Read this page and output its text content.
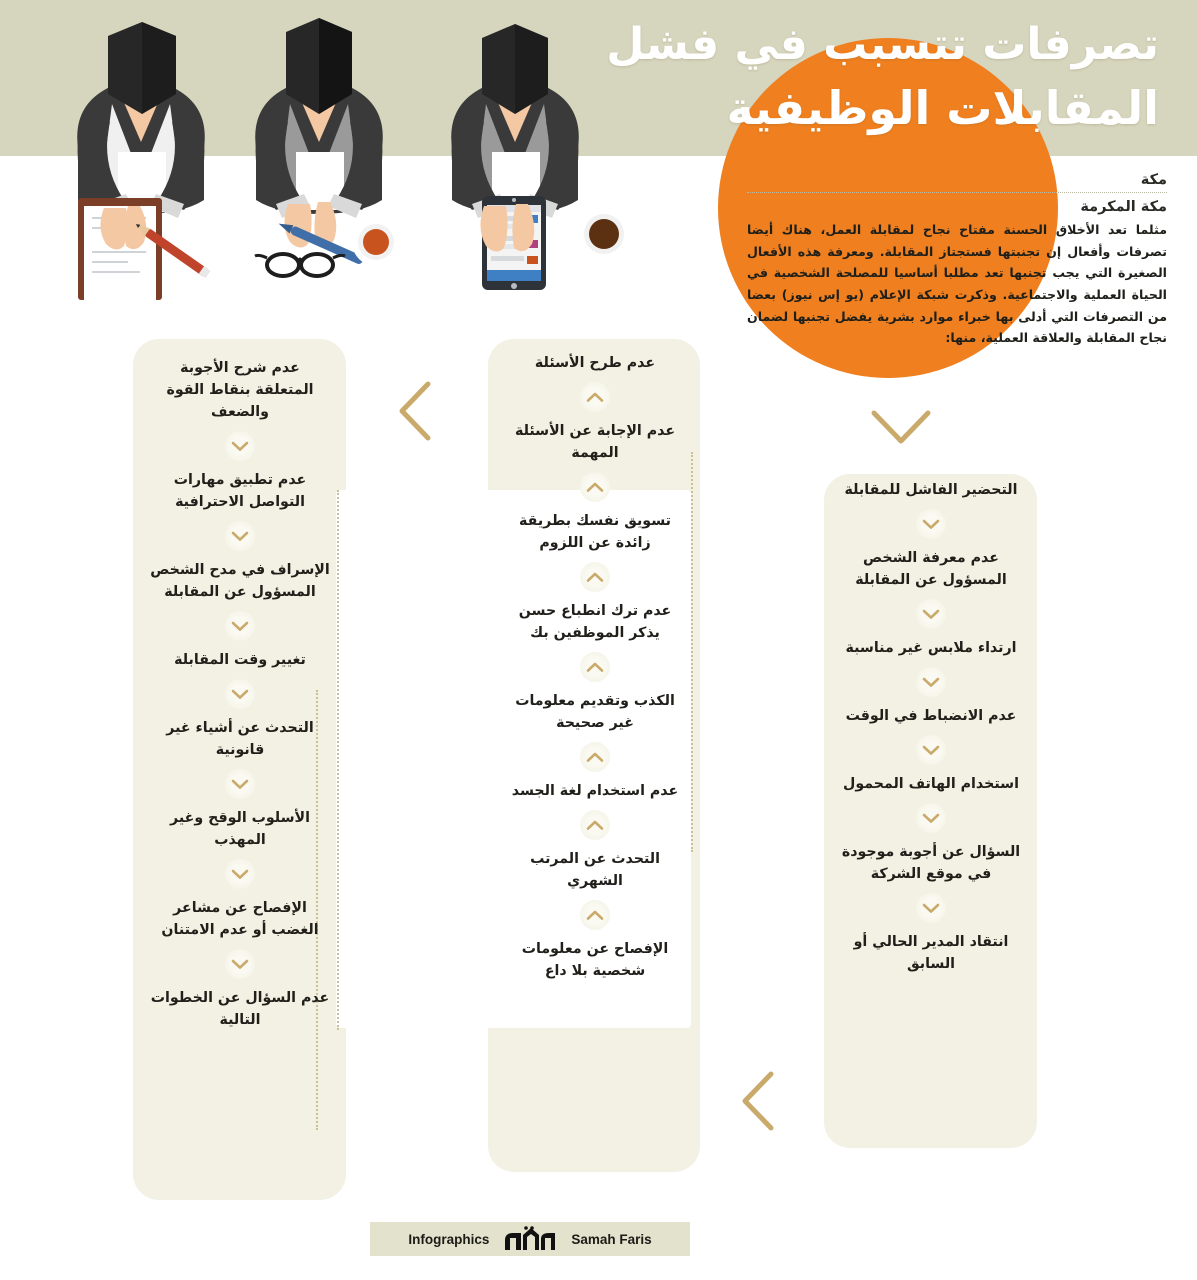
تصرفات تتسبب في فشل
المقابلات الوظيفية
مكة
مكة المكرمة
مثلما تعد الأخلاق الحسنة مفتاح نجاح لمقابلة العمل، هناك أيضا تصرفات وأفعال إن تجنبتها فستجتاز المقابلة. ومعرفة هذه الأفعال الصغيرة التي يجب تجنبها تعد مطلبا أساسيا للمصلحة الشخصية في الحياة العملية والاجتماعية. وذكرت شبكة الإعلام (يو إس نيوز) بعضا من التصرفات التي أدلى بها خبراء موارد بشرية يفضل تجنبها لضمان نجاح المقابلة والعلاقة العملية، منها:
عدم شرح الأجوبة المتعلقة بنقاط القوة والضعف
عدم تطبيق مهارات التواصل الاحترافية
الإسراف في مدح الشخص المسؤول عن المقابلة
تغيير وقت المقابلة
التحدث عن أشياء غير قانونية
الأسلوب الوقح وغير المهذب
الإفصاح عن مشاعر الغضب أو عدم الامتنان
عدم السؤال عن الخطوات التالية
عدم طرح الأسئلة
عدم الإجابة عن الأسئلة المهمة
تسويق نفسك بطريقة زائدة عن اللزوم
عدم ترك انطباع حسن يذكر الموظفين بك
الكذب وتقديم معلومات غير صحيحة
عدم استخدام لغة الجسد
التحدث عن المرتب الشهري
الإفصاح عن معلومات شخصية بلا داع
التحضير الفاشل للمقابلة
عدم معرفة الشخص المسؤول عن المقابلة
ارتداء ملابس غير مناسبة
عدم الانضباط في الوقت
استخدام الهاتف المحمول
السؤال عن أجوبة موجودة في موقع الشركة
انتقاد المدير الحالي أو السابق
Infographics	Samah Faris
